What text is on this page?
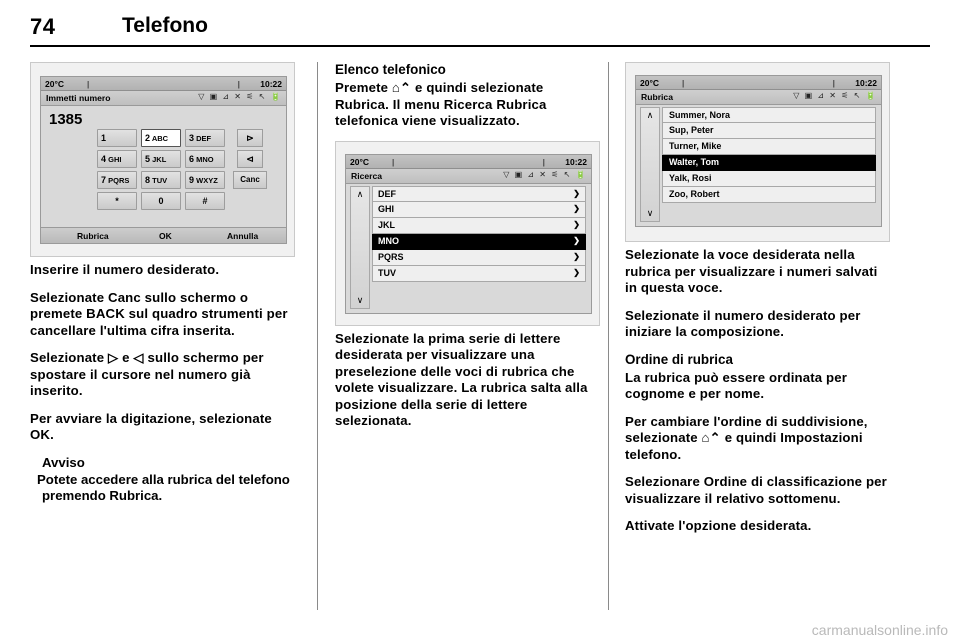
74	Telefono
20°C	|	| 10:22
Immetti numero	▽ ▣ ⊿ ✕ ⚟ ↖ 🔋
1385
1	2 ABC	3 DEF
4 GHI	5 JKL	6 MNO
7 PQRS	8 TUV	9 WXYZ
*	0	#
⊳
⊲
Canc
Rubrica	OK	Annulla

Inserire il numero desiderato.

Selezionate Canc sullo schermo o premete BACK sul quadro strumenti per cancellare l'ultima cifra inserita.

Selezionate ▷ e ◁ sullo schermo per spostare il cursore nel numero già inserito.

Per avviare la digitazione, selezionate OK.

Avviso

Potete accedere alla rubrica del telefono premendo Rubrica.

Elenco telefonico

Premete ⌂⌃ e quindi selezionate Rubrica. Il menu Ricerca Rubrica telefonica viene visualizzato.

20°C	|	| 10:22
Ricerca	▽ ▣ ⊿ ✕ ⚟ ↖ 🔋
∧
∨
DEF	❯
GHI	❯
JKL	❯
MNO	❯
PQRS	❯
TUV	❯

Selezionate la prima serie di lettere desiderata per visualizzare una preselezione delle voci di rubrica che volete visualizzare. La rubrica salta alla posizione della serie di lettere selezionata.

20°C	|	| 10:22
Rubrica	▽ ▣ ⊿ ✕ ⚟ ↖ 🔋
∧
∨
Summer, Nora
Sup, Peter
Turner, Mike
Walter, Tom
Yalk, Rosi
Zoo, Robert

Selezionate la voce desiderata nella rubrica per visualizzare i numeri salvati in questa voce.

Selezionate il numero desiderato per iniziare la composizione.

Ordine di rubrica

La rubrica può essere ordinata per cognome e per nome.

Per cambiare l'ordine di suddivisione, selezionate ⌂⌃ e quindi Impostazioni telefono.

Selezionare Ordine di classificazione per visualizzare il relativo sottomenu.

Attivate l'opzione desiderata.

carmanualsonline.info
